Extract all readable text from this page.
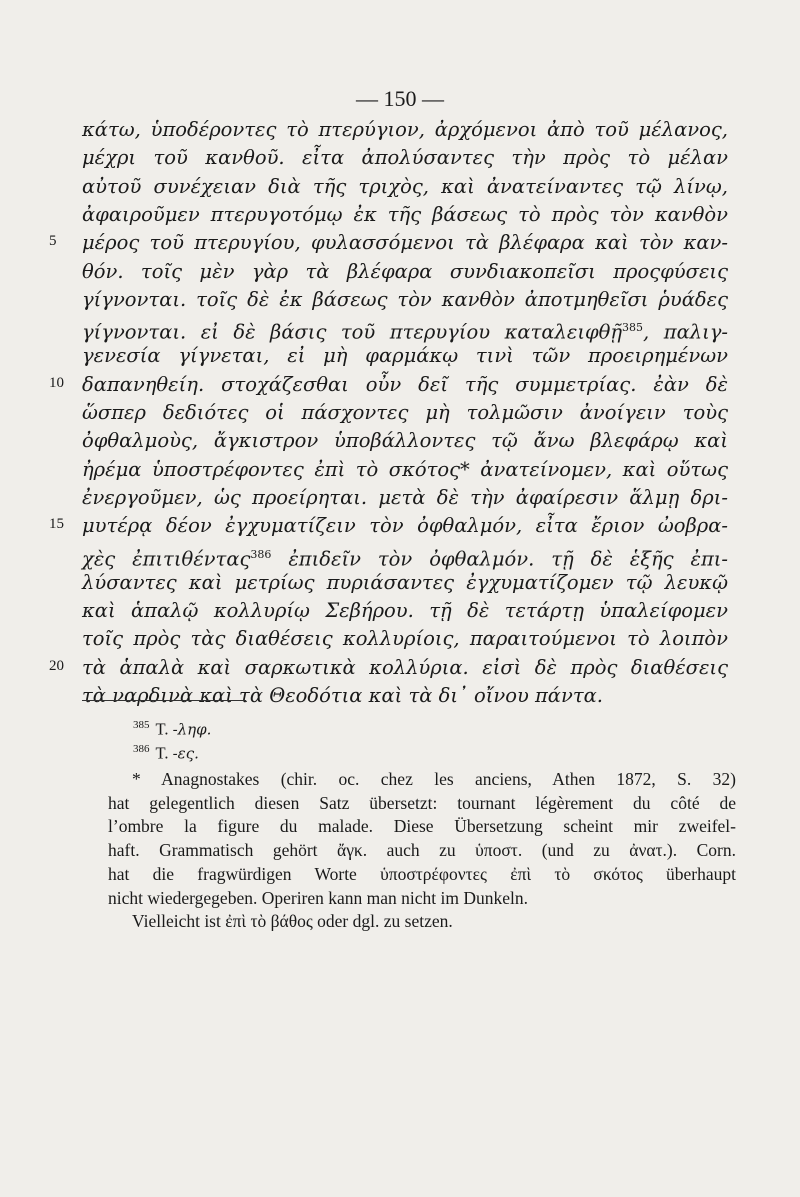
— 150 —
κάτω, ὑποδέροντες τὸ πτερύγιον, ἀρχόμενοι ἀπὸ τοῦ μέλανος,
μέχρι τοῦ κανθοῦ. εἶτα ἀπολύσαντες τὴν πρὸς τὸ μέλαν
αὐτοῦ συνέχειαν διὰ τῆς τριχὸς, καὶ ἀνατείναντες τῷ λίνῳ,
ἀφαιροῦμεν πτερυγοτόμῳ ἐκ τῆς βάσεως τὸ πρὸς τὸν κανθὸν
5 μέρος τοῦ πτερυγίου, φυλασσόμενοι τὰ βλέφαρα καὶ τὸν καν-
θόν. τοῖς μὲν γὰρ τὰ βλέφαρα συνδιακοπεῖσι προςφύσεις
γίγνονται. τοῖς δὲ ἐκ βάσεως τὸν κανθὸν ἀποτμηθεῖσι ῥυάδες
γίγνονται. εἰ δὲ βάσις τοῦ πτερυγίου καταλειφθῇ$^{385}$, παλιγ-
γενεσία γίγνεται, εἰ μὴ φαρμάκῳ τινὶ τῶν προειρημένων
10 δαπανηθείη. στοχάζεσθαι οὖν δεῖ τῆς συμμετρίας. ἐὰν δὲ
ὥσπερ δεδιότες οἱ πάσχοντες μὴ τολμῶσιν ἀνοίγειν τοὺς
ὀφθαλμοὺς, ἄγκιστρον ὑποβάλλοντες τῷ ἄνω βλεφάρῳ καὶ
ἠρέμα ὑποστρέφοντες ἐπὶ τὸ σκότος* ἀνατείνομεν, καὶ οὕτως
ἐνεργοῦμεν, ὡς προείρηται. μετὰ δὲ τὴν ἀφαίρεσιν ἅλμῃ δρι-
15 μυτέρᾳ δέον ἐγχυματίζειν τὸν ὀφθαλμόν, εἶτα ἔριον ὠοβρα-
χὲς ἐπιτιθέντας$^{386}$ ἐπιδεῖν τὸν ὀφθαλμόν. τῇ δὲ ἑξῆς ἐπι-
λύσαντες καὶ μετρίως πυριάσαντες ἐγχυματίζομεν τῷ λευκῷ
καὶ ἁπαλῷ κολλυρίῳ Σεβήρου. τῇ δὲ τετάρτῃ ὑπαλείφομεν
τοῖς πρὸς τὰς διαθέσεις κολλυρίοις, παραιτούμενοι τὸ λοιπὸν
20 τὰ ἁπαλὰ καὶ σαρκωτικὰ κολλύρια. εἰσὶ δὲ πρὸς διαθέσεις
τὰ ναρδινὰ καὶ τὰ Θεοδότια καὶ τὰ δι᾽ οἴνου πάντα.
$^{385}$ T. -ληφ.
$^{386}$ T. -ες.
* Anagnostakes (chir. oc. chez les anciens, Athen 1872, S. 32)
hat gelegentlich diesen Satz übersetzt: tournant légèrement du côté de
l’ombre la figure du malade. Diese Übersetzung scheint mir zweifel-
haft. Grammatisch gehört ἄγκ. auch zu ὑποστ. (und zu ἀνατ.). Corn.
hat die fragwürdigen Worte ὑποστρέφοντες ἐπὶ τὸ σκότος überhaupt
nicht wiedergegeben. Operiren kann man nicht im Dunkeln.
Vielleicht ist ἐπὶ τὸ βάθος oder dgl. zu setzen.
